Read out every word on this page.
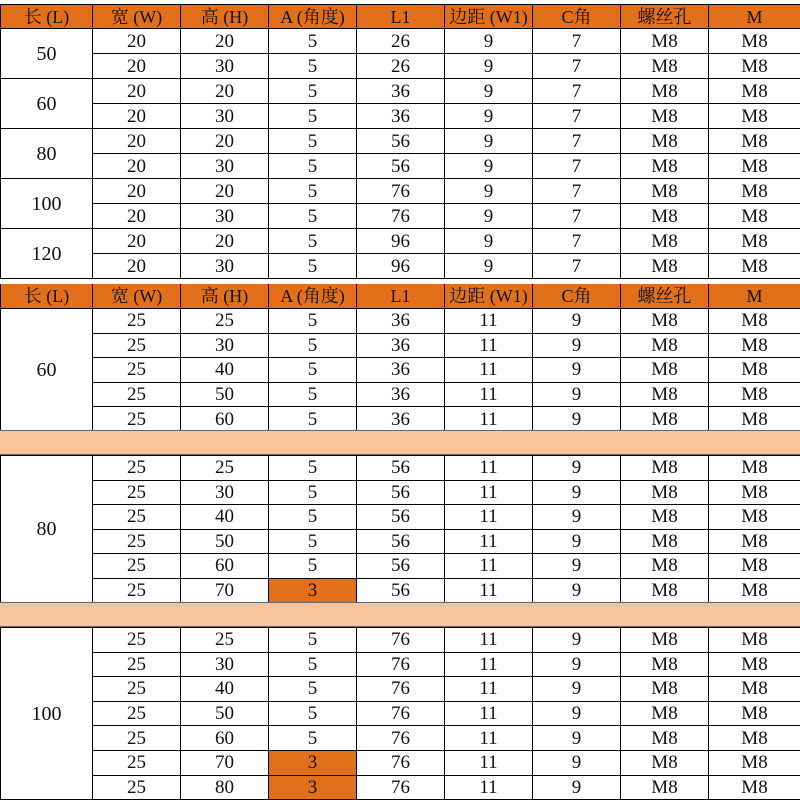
长 (L)	宽 (W)	高 (H)	A (角度)	L1	边距 (W1)	C角	螺丝孔	M
50	20	20	5	26	9	7	M8	M8
	20	30	5	26	9	7	M8	M8
60	20	20	5	36	9	7	M8	M8
	20	30	5	36	9	7	M8	M8
80	20	20	5	56	9	7	M8	M8
	20	30	5	56	9	7	M8	M8
100	20	20	5	76	9	7	M8	M8
	20	30	5	76	9	7	M8	M8
120	20	20	5	96	9	7	M8	M8
	20	30	5	96	9	7	M8	M8
长 (L)	宽 (W)	高 (H)	A (角度)	L1	边距 (W1)	C角	螺丝孔	M
60	25	25	5	36	11	9	M8	M8
	25	30	5	36	11	9	M8	M8
	25	40	5	36	11	9	M8	M8
	25	50	5	36	11	9	M8	M8
	25	60	5	36	11	9	M8	M8
80	25	25	5	56	11	9	M8	M8
	25	30	5	56	11	9	M8	M8
	25	40	5	56	11	9	M8	M8
	25	50	5	56	11	9	M8	M8
	25	60	5	56	11	9	M8	M8
	25	70	3	56	11	9	M8	M8
100	25	25	5	76	11	9	M8	M8
	25	30	5	76	11	9	M8	M8
	25	40	5	76	11	9	M8	M8
	25	50	5	76	11	9	M8	M8
	25	60	5	76	11	9	M8	M8
	25	70	3	76	11	9	M8	M8
	25	80	3	76	11	9	M8	M8
